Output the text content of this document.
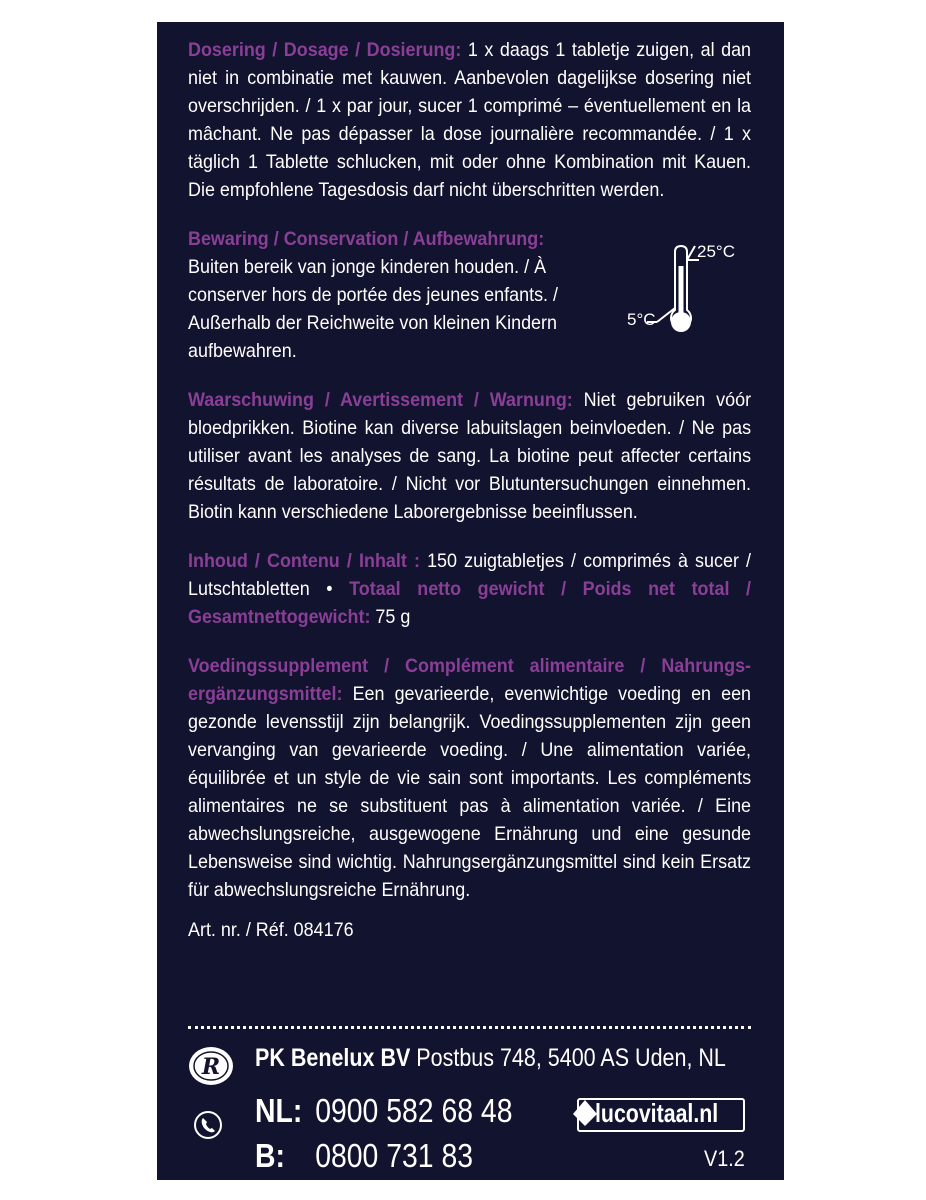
Dosering / Dosage / Dosierung: 1 x daags 1 tabletje zuigen, al dan niet in combinatie met kauwen. Aanbevolen dagelijkse dosering niet overschrijden. / 1 x par jour, sucer 1 comprimé – éventuellement en la mâchant. Ne pas dépasser la dose journalière recommandée. / 1 x täglich 1 Tablette schlucken, mit oder ohne Kombination mit Kauen. Die empfohlene Tagesdosis darf nicht überschritten werden.

Bewaring / Conservation / Aufbewahrung:
Buiten bereik van jonge kinderen houden. / À conserver hors de portée des jeunes enfants. / Außerhalb der Reichweite von kleinen Kindern aufbewahren.

Waarschuwing / Avertissement / Warnung: Niet gebruiken vóór bloedprikken. Biotine kan diverse labuitslagen beinvloeden. / Ne pas utiliser avant les analyses de sang. La biotine peut affecter certains résultats de laboratoire. / Nicht vor Blutuntersuchungen einnehmen. Biotin kann verschiedene Laborergebnisse beeinflussen.

Inhoud / Contenu / Inhalt : 150 zuigtabletjes / comprimés à sucer / Lutschtabletten • Totaal netto gewicht / Poids net total / Gesamtnettogewicht: 75 g

Voedingssupplement / Complément alimentaire / Nahrungsergänzungsmittel: Een gevarieerde, evenwichtige voeding en een gezonde levensstijl zijn belangrijk. Voedingssupplementen zijn geen vervanging van gevarieerde voeding. / Une alimentation variée, équilibrée et un style de vie sain sont importants. Les compléments alimentaires ne se substituent pas à alimentation variée. / Eine abwechslungsreiche, ausgewogene Ernährung und eine gesunde Lebensweise sind wichtig. Nahrungsergänzungsmittel sind kein Ersatz für abwechslungsreiche Ernährung.

Art. nr. / Réf. 084176
25°C
5°C
R PK Benelux BV Postbus 748, 5400 AS Uden, NL
NL: 0900 582 68 48
B: 0800 731 83
lucovitaal.nl
V1.2
